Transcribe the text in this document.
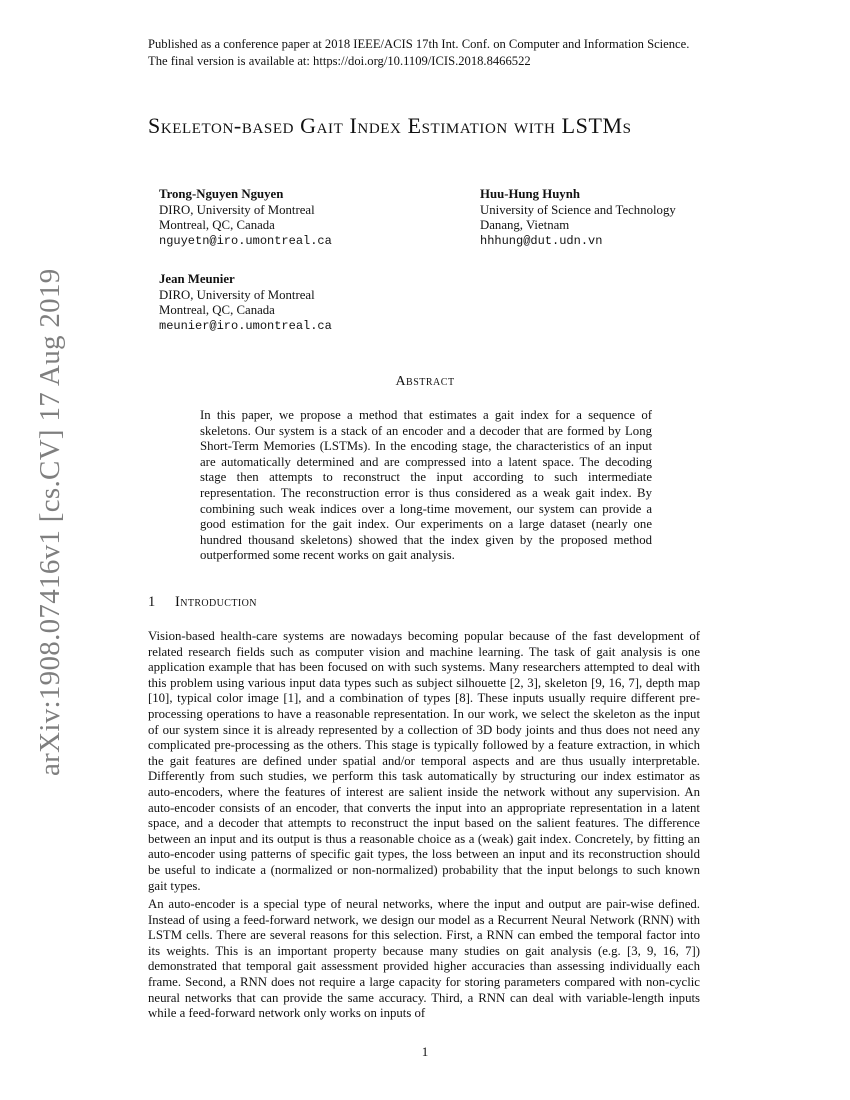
Published as a conference paper at 2018 IEEE/ACIS 17th Int. Conf. on Computer and Information Science. The final version is available at: https://doi.org/10.1109/ICIS.2018.8466522
Skeleton-based Gait Index Estimation with LSTMs
Trong-Nguyen Nguyen
DIRO, University of Montreal
Montreal, QC, Canada
nguyetn@iro.umontreal.ca
Huu-Hung Huynh
University of Science and Technology
Danang, Vietnam
hhhung@dut.udn.vn
Jean Meunier
DIRO, University of Montreal
Montreal, QC, Canada
meunier@iro.umontreal.ca
Abstract
In this paper, we propose a method that estimates a gait index for a sequence of skeletons. Our system is a stack of an encoder and a decoder that are formed by Long Short-Term Memories (LSTMs). In the encoding stage, the characteristics of an input are automatically determined and are compressed into a latent space. The decoding stage then attempts to reconstruct the input according to such intermediate representation. The reconstruction error is thus considered as a weak gait index. By combining such weak indices over a long-time movement, our system can provide a good estimation for the gait index. Our experiments on a large dataset (nearly one hundred thousand skeletons) showed that the index given by the proposed method outperformed some recent works on gait analysis.
1 Introduction
Vision-based health-care systems are nowadays becoming popular because of the fast development of related research fields such as computer vision and machine learning. The task of gait analysis is one application example that has been focused on with such systems. Many researchers attempted to deal with this problem using various input data types such as subject silhouette [2, 3], skeleton [9, 16, 7], depth map [10], typical color image [1], and a combination of types [8]. These inputs usually require different pre-processing operations to have a reasonable representation. In our work, we select the skeleton as the input of our system since it is already represented by a collection of 3D body joints and thus does not need any complicated pre-processing as the others. This stage is typically followed by a feature extraction, in which the gait features are defined under spatial and/or temporal aspects and are thus usually interpretable. Differently from such studies, we perform this task automatically by structuring our index estimator as auto-encoders, where the features of interest are salient inside the network without any supervision. An auto-encoder consists of an encoder, that converts the input into an appropriate representation in a latent space, and a decoder that attempts to reconstruct the input based on the salient features. The difference between an input and its output is thus a reasonable choice as a (weak) gait index. Concretely, by fitting an auto-encoder using patterns of specific gait types, the loss between an input and its reconstruction should be useful to indicate a (normalized or non-normalized) probability that the input belongs to such known gait types.
An auto-encoder is a special type of neural networks, where the input and output are pair-wise defined. Instead of using a feed-forward network, we design our model as a Recurrent Neural Network (RNN) with LSTM cells. There are several reasons for this selection. First, a RNN can embed the temporal factor into its weights. This is an important property because many studies on gait analysis (e.g. [3, 9, 16, 7]) demonstrated that temporal gait assessment provided higher accuracies than assessing individually each frame. Second, a RNN does not require a large capacity for storing parameters compared with non-cyclic neural networks that can provide the same accuracy. Third, a RNN can deal with variable-length inputs while a feed-forward network only works on inputs of
1
arXiv:1908.07416v1 [cs.CV] 17 Aug 2019
